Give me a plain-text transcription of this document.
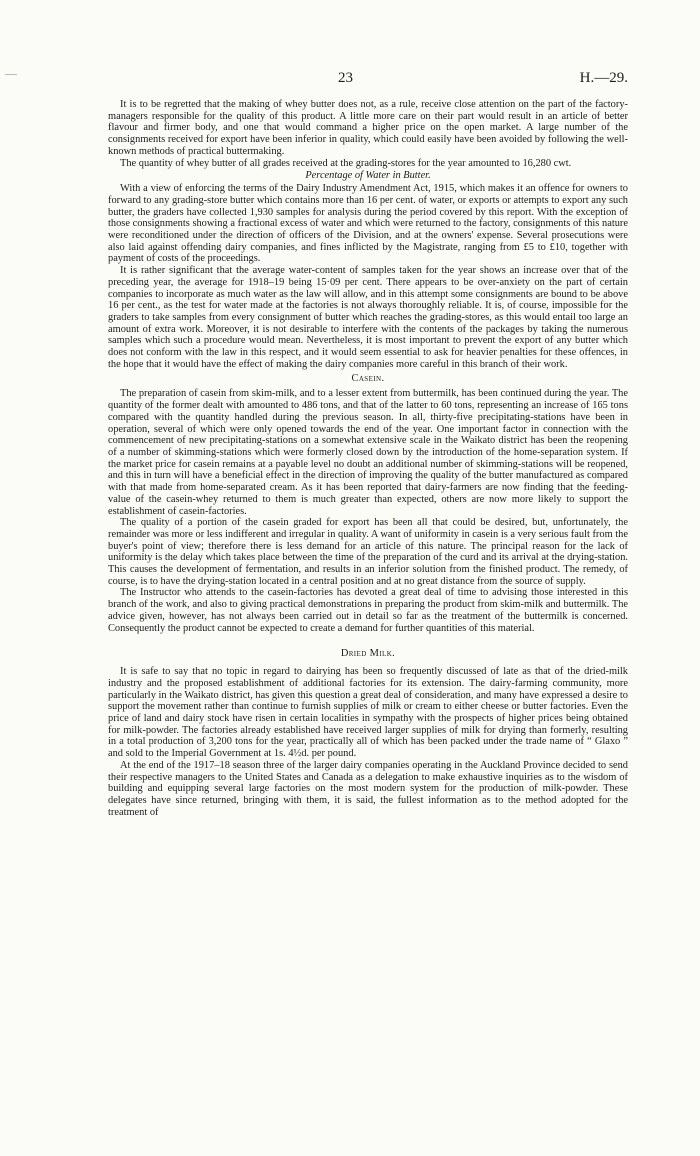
23	H.—29.

It is to be regretted that the making of whey butter does not, as a rule, receive close attention on the part of the factory-managers responsible for the quality of this product. A little more care on their part would result in an article of better flavour and firmer body, and one that would command a higher price on the open market. A large number of the consignments received for export have been inferior in quality, which could easily have been avoided by following the well-known methods of practical buttermaking.

The quantity of whey butter of all grades received at the grading-stores for the year amounted to 16,280 cwt.

Percentage of Water in Butter.

With a view of enforcing the terms of the Dairy Industry Amendment Act, 1915, which makes it an offence for owners to forward to any grading-store butter which contains more than 16 per cent. of water, or exports or attempts to export any such butter, the graders have collected 1,930 samples for analysis during the period covered by this report. With the exception of those consignments showing a fractional excess of water and which were returned to the factory, consignments of this nature were reconditioned under the direction of officers of the Division, and at the owners' expense. Several prosecutions were also laid against offending dairy companies, and fines inflicted by the Magistrate, ranging from £5 to £10, together with payment of costs of the proceedings.

It is rather significant that the average water-content of samples taken for the year shows an increase over that of the preceding year, the average for 1918–19 being 15·09 per cent. There appears to be over-anxiety on the part of certain companies to incorporate as much water as the law will allow, and in this attempt some consignments are bound to be above 16 per cent., as the test for water made at the factories is not always thoroughly reliable. It is, of course, impossible for the graders to take samples from every consignment of butter which reaches the grading-stores, as this would entail too large an amount of extra work. Moreover, it is not desirable to interfere with the contents of the packages by taking the numerous samples which such a procedure would mean. Nevertheless, it is most important to prevent the export of any butter which does not conform with the law in this respect, and it would seem essential to ask for heavier penalties for these offences, in the hope that it would have the effect of making the dairy companies more careful in this branch of their work.

Casein.

The preparation of casein from skim-milk, and to a lesser extent from buttermilk, has been continued during the year. The quantity of the former dealt with amounted to 486 tons, and that of the latter to 60 tons, representing an increase of 165 tons compared with the quantity handled during the previous season. In all, thirty-five precipitating-stations have been in operation, several of which were only opened towards the end of the year. One important factor in connection with the commencement of new precipitating-stations on a somewhat extensive scale in the Waikato district has been the reopening of a number of skimming-stations which were formerly closed down by the introduction of the home-separation system. If the market price for casein remains at a payable level no doubt an additional number of skimming-stations will be reopened, and this in turn will have a beneficial effect in the direction of improving the quality of the butter manufactured as compared with that made from home-separated cream. As it has been reported that dairy-farmers are now finding that the feeding-value of the casein-whey returned to them is much greater than expected, others are now more likely to support the establishment of casein-factories.

The quality of a portion of the casein graded for export has been all that could be desired, but, unfortunately, the remainder was more or less indifferent and irregular in quality. A want of uniformity in casein is a very serious fault from the buyer's point of view; therefore there is less demand for an article of this nature. The principal reason for the lack of uniformity is the delay which takes place between the time of the preparation of the curd and its arrival at the drying-station. This causes the development of fermentation, and results in an inferior solution from the finished product. The remedy, of course, is to have the drying-station located in a central position and at no great distance from the source of supply.

The Instructor who attends to the casein-factories has devoted a great deal of time to advising those interested in this branch of the work, and also to giving practical demonstrations in preparing the product from skim-milk and buttermilk. The advice given, however, has not always been carried out in detail so far as the treatment of the buttermilk is concerned. Consequently the product cannot be expected to create a demand for further quantities of this material.

Dried Milk.

It is safe to say that no topic in regard to dairying has been so frequently discussed of late as that of the dried-milk industry and the proposed establishment of additional factories for its extension. The dairy-farming community, more particularly in the Waikato district, has given this question a great deal of consideration, and many have expressed a desire to support the movement rather than continue to furnish supplies of milk or cream to either cheese or butter factories. Even the price of land and dairy stock have risen in certain localities in sympathy with the prospects of higher prices being obtained for milk-powder. The factories already established have received larger supplies of milk for drying than formerly, resulting in a total production of 3,200 tons for the year, practically all of which has been packed under the trade name of “ Glaxo ” and sold to the Imperial Government at 1s. 4½d. per pound.

At the end of the 1917–18 season three of the larger dairy companies operating in the Auckland Province decided to send their respective managers to the United States and Canada as a delegation to make exhaustive inquiries as to the wisdom of building and equipping several large factories on the most modern system for the production of milk-powder. These delegates have since returned, bringing with them, it is said, the fullest information as to the method adopted for the treatment of
